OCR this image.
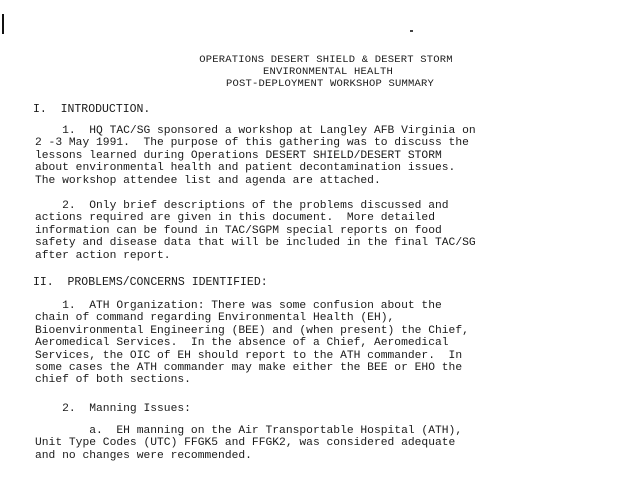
OPERATIONS DESERT SHIELD & DESERT STORM
ENVIRONMENTAL HEALTH
POST-DEPLOYMENT WORKSHOP SUMMARY
I.  INTRODUCTION.
1.  HQ TAC/SG sponsored a workshop at Langley AFB Virginia on
2 -3 May 1991.  The purpose of this gathering was to discuss the
lessons learned during Operations DESERT SHIELD/DESERT STORM
about environmental health and patient decontamination issues.
The workshop attendee list and agenda are attached.
2.  Only brief descriptions of the problems discussed and
actions required are given in this document.  More detailed
information can be found in TAC/SGPM special reports on food
safety and disease data that will be included in the final TAC/SG
after action report.
II.  PROBLEMS/CONCERNS IDENTIFIED:
1.  ATH Organization: There was some confusion about the
chain of command regarding Environmental Health (EH),
Bioenvironmental Engineering (BEE) and (when present) the Chief,
Aeromedical Services.  In the absence of a Chief, Aeromedical
Services, the OIC of EH should report to the ATH commander.  In
some cases the ATH commander may make either the BEE or EHO the
chief of both sections.
2.  Manning Issues:
a.  EH manning on the Air Transportable Hospital (ATH),
Unit Type Codes (UTC) FFGK5 and FFGK2, was considered adequate
and no changes were recommended.
